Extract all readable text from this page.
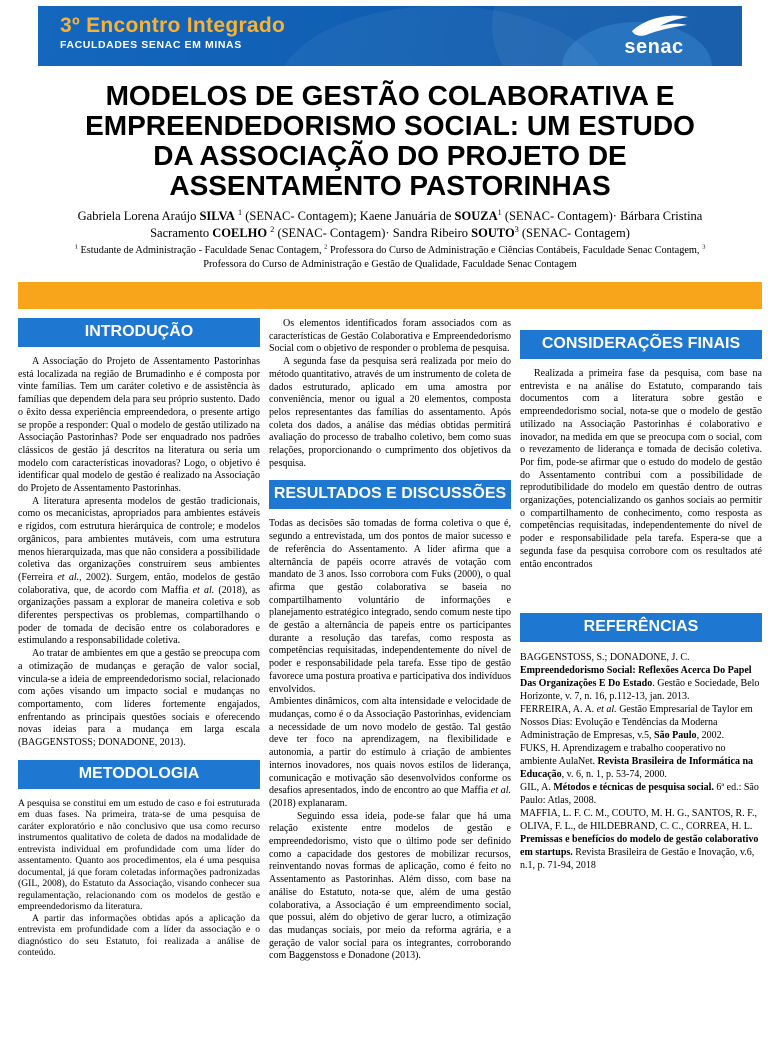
3º Encontro Integrado
FACULDADES SENAC EM MINAS	senac
MODELOS DE GESTÃO COLABORATIVA E
EMPREENDEDORISMO SOCIAL: UM ESTUDO
DA ASSOCIAÇÃO DO PROJETO DE
ASSENTAMENTO PASTORINHAS
Gabriela Lorena Araújo SILVA $^1$ (SENAC- Contagem); Kaene Januária de SOUZA$^1$ (SENAC- Contagem)· Bárbara Cristina Sacramento COELHO $^2$ (SENAC- Contagem)· Sandra Ribeiro SOUTO$^3$ (SENAC- Contagem)
$^1$ Estudante de Administração - Faculdade Senac Contagem, $^2$ Professora do Curso de Administração e Ciências Contábeis, Faculdade Senac Contagem, $^3$ Professora do Curso de Administração e Gestão de Qualidade, Faculdade Senac Contagem
INTRODUÇÃO

A Associação do Projeto de Assentamento Pastorinhas está localizada na região de Brumadinho e é composta por vinte famílias. Tem um caráter coletivo e de assistência às famílias que dependem dela para seu próprio sustento. Dado o êxito dessa experiência empreendedora, o presente artigo se propõe a responder: Qual o modelo de gestão utilizado na Associação Pastorinhas? Pode ser enquadrado nos padrões clássicos de gestão já descritos na literatura ou seria um modelo com características inovadoras? Logo, o objetivo é identificar qual modelo de gestão é realizado na Associação do Projeto de Assentamento Pastorinhas.

A literatura apresenta modelos de gestão tradicionais, como os mecanicistas, apropriados para ambientes estáveis e rígidos, com estrutura hierárquica de controle; e modelos orgânicos, para ambientes mutáveis, com uma estrutura menos hierarquizada, mas que não considera a possibilidade coletiva das organizações construírem seus ambientes (Ferreira et al., 2002). Surgem, então, modelos de gestão colaborativa, que, de acordo com Maffia et al. (2018), as organizações passam a explorar de maneira coletiva e sob diferentes perspectivas os problemas, compartilhando o poder de tomada de decisão entre os colaboradores e estimulando a responsabilidade coletiva.

Ao tratar de ambientes em que a gestão se preocupa com a otimização de mudanças e geração de valor social, vincula-se a ideia de empreendedorismo social, relacionado com ações visando um impacto social e mudanças no comportamento, com líderes fortemente engajados, enfrentando as principais questões sociais e oferecendo novas ideias para a mudança em larga escala (BAGGENSTOSS; DONADONE, 2013).

METODOLOGIA

A pesquisa se constitui em um estudo de caso e foi estruturada em duas fases. Na primeira, trata-se de uma pesquisa de caráter exploratório e não conclusivo que usa como recurso instrumentos qualitativo de coleta de dados na modalidade de entrevista individual em profundidade com uma líder do assentamento. Quanto aos procedimentos, ela é uma pesquisa documental, já que foram coletadas informações padronizadas (GIL, 2008), do Estatuto da Associação, visando conhecer sua regulamentação, relacionando com os modelos de gestão e empreendedorismo da literatura.

A partir das informações obtidas após a aplicação da entrevista em profundidade com a líder da associação e o diagnóstico do seu Estatuto, foi realizada a análise de conteúdo.

Os elementos identificados foram associados com as características de Gestão Colaborativa e Empreendedorismo Social com o objetivo de responder o problema de pesquisa.

A segunda fase da pesquisa será realizada por meio do método quantitativo, através de um instrumento de coleta de dados estruturado, aplicado em uma amostra por conveniência, menor ou igual a 20 elementos, composta pelos representantes das famílias do assentamento. Após coleta dos dados, a análise das médias obtidas permitirá avaliação do processo de trabalho coletivo, bem como suas relações, proporcionando o cumprimento dos objetivos da pesquisa.

RESULTADOS E DISCUSSÕES

Todas as decisões são tomadas de forma coletiva o que é, segundo a entrevistada, um dos pontos de maior sucesso e de referência do Assentamento. A líder afirma que a alternância de papéis ocorre através de votação com mandato de 3 anos. Isso corrobora com Fuks (2000), o qual afirma que gestão colaborativa se baseia no compartilhamento voluntário de informações e planejamento estratégico integrado, sendo comum neste tipo de gestão a alternância de papeis entre os participantes durante a resolução das tarefas, como resposta as competências requisitadas, independentemente do nível de poder e responsabilidade pela tarefa. Esse tipo de gestão favorece uma postura proativa e participativa dos indivíduos envolvidos.

Ambientes dinâmicos, com alta intensidade e velocidade de mudanças, como é o da Associação Pastorinhas, evidenciam a necessidade de um novo modelo de gestão. Tal gestão deve ter foco na aprendizagem, na flexibilidade e autonomia, a partir do estímulo à criação de ambientes internos inovadores, nos quais novos estilos de liderança, comunicação e motivação são desenvolvidos conforme os desafios apresentados, indo de encontro ao que Maffia et al. (2018) explanaram.

Seguindo essa ideia, pode-se falar que há uma relação existente entre modelos de gestão e empreendedorismo, visto que o último pode ser definido como a capacidade dos gestores de mobilizar recursos, reinventando novas formas de aplicação, como é feito no Assentamento as Pastorinhas. Além disso, com base na análise do Estatuto, nota-se que, além de uma gestão colaborativa, a Associação é um empreendimento social, que possui, além do objetivo de gerar lucro, a otimização das mudanças sociais, por meio da reforma agrária, e a geração de valor social para os integrantes, corroborando com Baggenstoss e Donadone (2013).

CONSIDERAÇÕES FINAIS

Realizada a primeira fase da pesquisa, com base na entrevista e na análise do Estatuto, comparando tais documentos com a literatura sobre gestão e empreendedorismo social, nota-se que o modelo de gestão utilizado na Associação Pastorinhas é colaborativo e inovador, na medida em que se preocupa com o social, com o revezamento de liderança e tomada de decisão coletiva. Por fim, pode-se afirmar que o estudo do modelo de gestão do Assentamento contribui com a possibilidade de reprodutibilidade do modelo em questão dentro de outras organizações, potencializando os ganhos sociais ao permitir o compartilhamento de conhecimento, como resposta as competências requisitadas, independentemente do nível de poder e responsabilidade pela tarefa. Espera-se que a segunda fase da pesquisa corrobore com os resultados até então encontrados

REFERÊNCIAS

BAGGENSTOSS, S.; DONADONE, J. C. Empreendedorismo Social: Reflexões Acerca Do Papel Das Organizações E Do Estado. Gestão e Sociedade, Belo Horizonte, v. 7, n. 16, p.112-13, jan. 2013.

FERREIRA, A. A. et al. Gestão Empresarial de Taylor em Nossos Dias: Evolução e Tendências da Moderna Administração de Empresas, v.5, São Paulo, 2002.

FUKS, H. Aprendizagem e trabalho cooperativo no ambiente AulaNet. Revista Brasileira de Informática na Educação, v. 6, n. 1, p. 53-74, 2000.

GIL, A. Métodos e técnicas de pesquisa social. 6ª ed.: São Paulo: Atlas, 2008.

MAFFIA, L. F. C. M., COUTO, M. H. G., SANTOS, R. F., OLIVA, F. L., de HILDEBRAND, C. C., CORREA, H. L. Premissas e benefícios do modelo de gestão colaborativo em startups. Revista Brasileira de Gestão e Inovação, v.6, n.1, p. 71-94, 2018
